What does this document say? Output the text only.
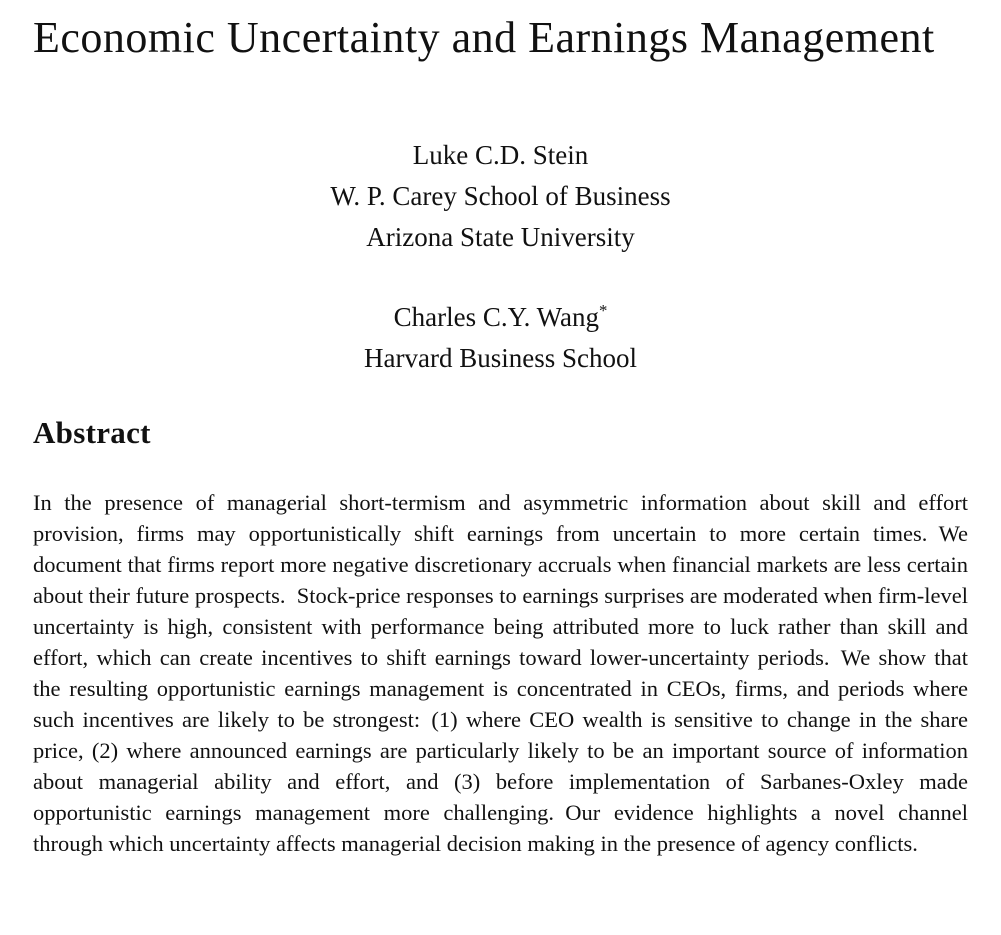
Economic Uncertainty and Earnings Management
Luke C.D. Stein
W. P. Carey School of Business
Arizona State University
Charles C.Y. Wang*
Harvard Business School
Abstract

In the presence of managerial short-termism and asymmetric information about skill and effort provision, firms may opportunistically shift earnings from uncertain to more certain times. We document that firms report more negative discretionary accruals when financial markets are less certain about their future prospects. Stock-price responses to earnings surprises are moderated when firm-level uncertainty is high, consistent with performance being attributed more to luck rather than skill and effort, which can create incentives to shift earnings toward lower-uncertainty periods. We show that the resulting opportunistic earnings management is concentrated in CEOs, firms, and periods where such incentives are likely to be strongest: (1) where CEO wealth is sensitive to change in the share price, (2) where announced earnings are particularly likely to be an important source of information about managerial ability and effort, and (3) before implementation of Sarbanes-Oxley made opportunistic earnings management more challenging. Our evidence highlights a novel channel through which uncertainty affects managerial decision making in the presence of agency conflicts.
